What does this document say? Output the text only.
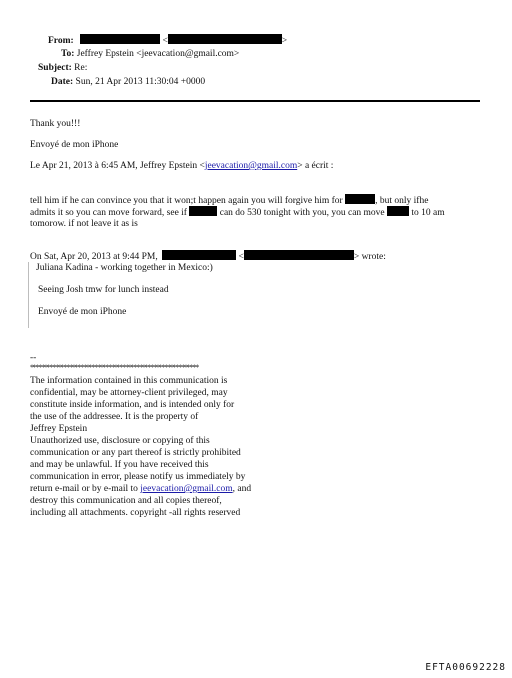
From:	<	>
To: Jeffrey Epstein <jeevacation@gmail.com>
Subject: Re:
Date: Sun, 21 Apr 2013 11:30:04 +0000
Thank you!!!
Envoyé de mon iPhone
Le Apr 21, 2013 à 6:45 AM, Jeffrey Epstein <jeevacation@gmail.com> a écrit :
tell him if he can convince you that it won;t happen again you will forgive him for	, but only ifhe
admits it so you can move forward, see if	can do 530 tonight with you, you can move	to 10 am
tomorow. if not leave it as is
On Sat, Apr 20, 2013 at 9:44 PM,	<	> wrote:
Juliana Kadina - working together in Mexico:)
Seeing Josh tmw for lunch instead
Envoyé de mon iPhone
--
************************************************************
The information contained in this communication is
confidential, may be attorney-client privileged, may
constitute inside information, and is intended only for
the use of the addressee. It is the property of
Jeffrey Epstein
Unauthorized use, disclosure or copying of this
communication or any part thereof is strictly prohibited
and may be unlawful. If you have received this
communication in error, please notify us immediately by
return e-mail or by e-mail to jeevacation@gmail.com, and
destroy this communication and all copies thereof,
including all attachments. copyright -all rights reserved
EFTA00692228
